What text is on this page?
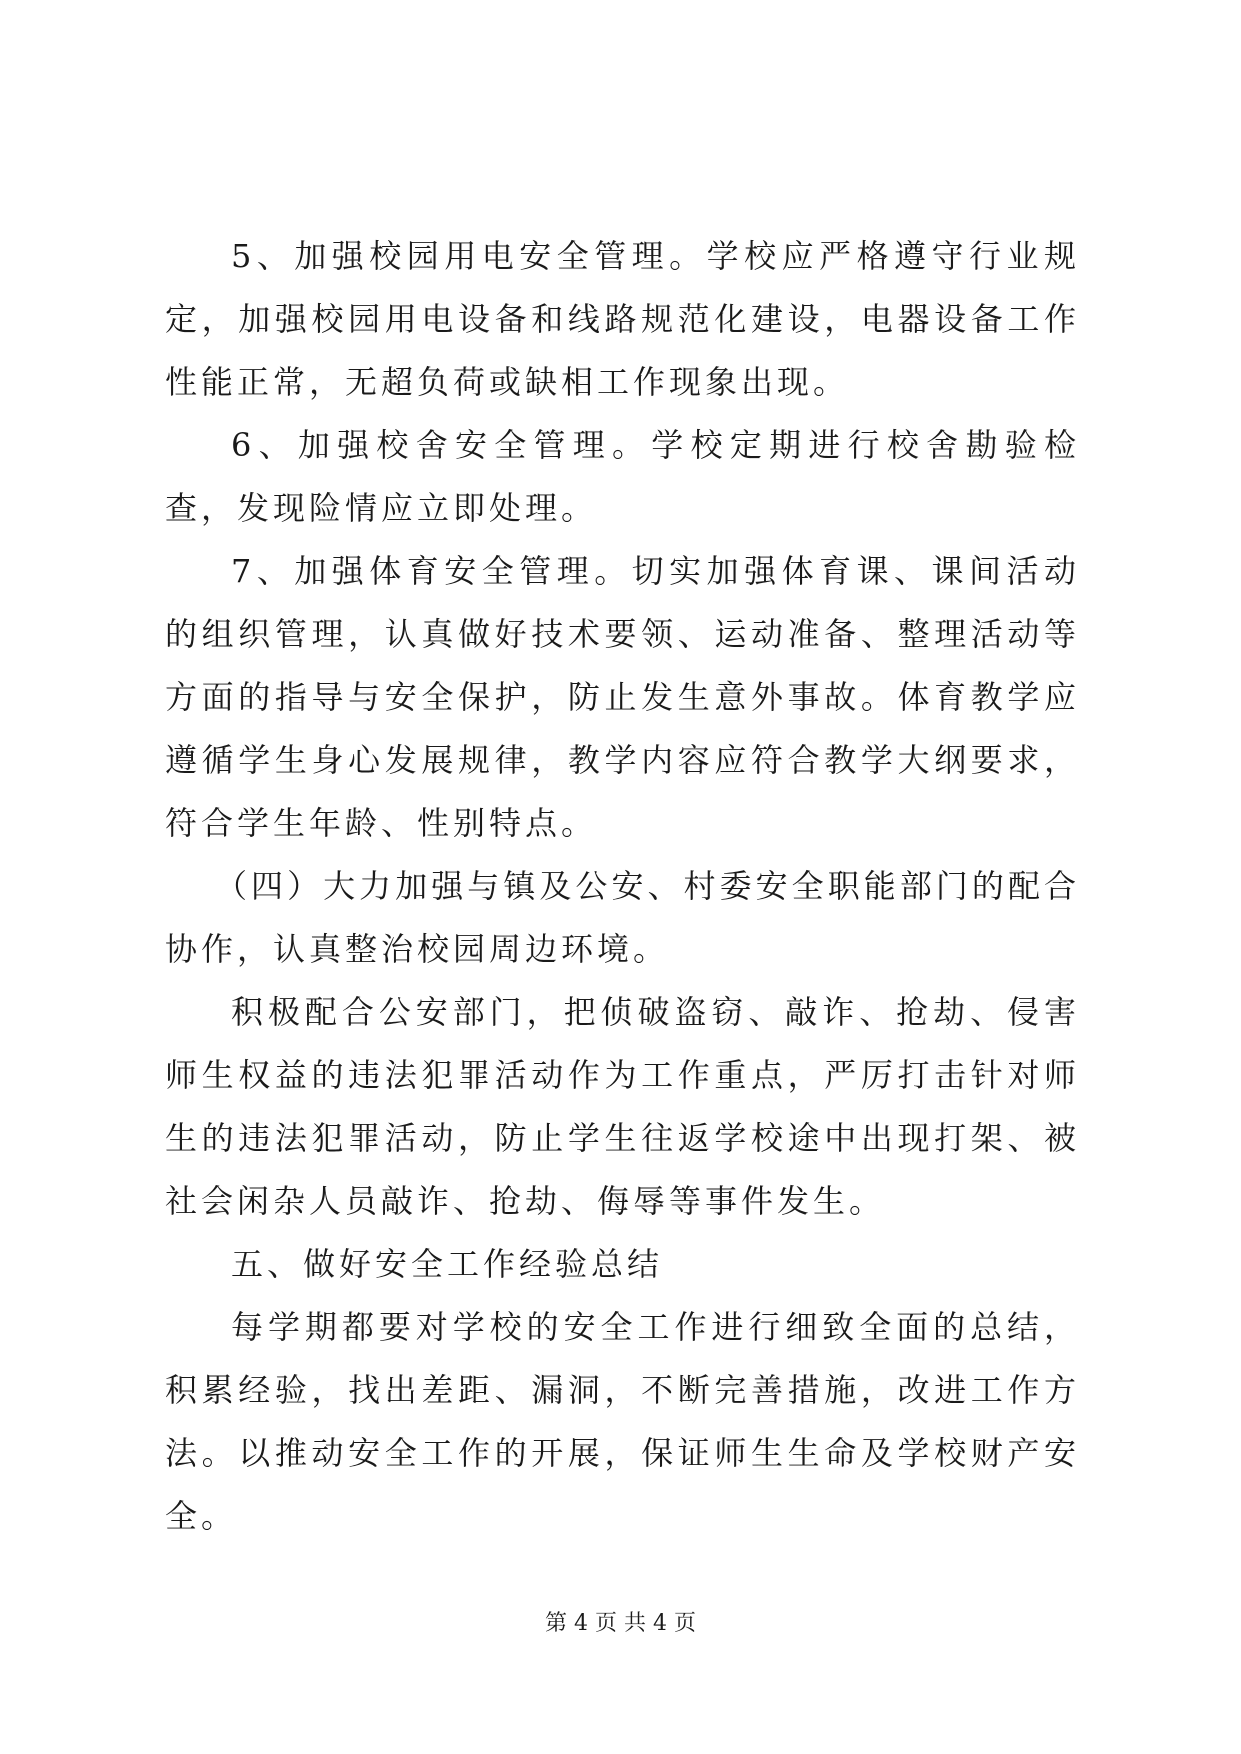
5、加强校园用电安全管理。学校应严格遵守行业规定，加强校园用电设备和线路规范化建设，电器设备工作性能正常，无超负荷或缺相工作现象出现。

6、加强校舍安全管理。学校定期进行校舍勘验检查，发现险情应立即处理。

7、加强体育安全管理。切实加强体育课、课间活动的组织管理，认真做好技术要领、运动准备、整理活动等方面的指导与安全保护，防止发生意外事故。体育教学应遵循学生身心发展规律，教学内容应符合教学大纲要求，符合学生年龄、性别特点。

（四）大力加强与镇及公安、村委安全职能部门的配合协作，认真整治校园周边环境。

积极配合公安部门，把侦破盗窃、敲诈、抢劫、侵害师生权益的违法犯罪活动作为工作重点，严厉打击针对师生的违法犯罪活动，防止学生往返学校途中出现打架、被社会闲杂人员敲诈、抢劫、侮辱等事件发生。

五、做好安全工作经验总结

每学期都要对学校的安全工作进行细致全面的总结，积累经验，找出差距、漏洞，不断完善措施，改进工作方法。以推动安全工作的开展，保证师生生命及学校财产安全。

第 4 页 共 4 页
